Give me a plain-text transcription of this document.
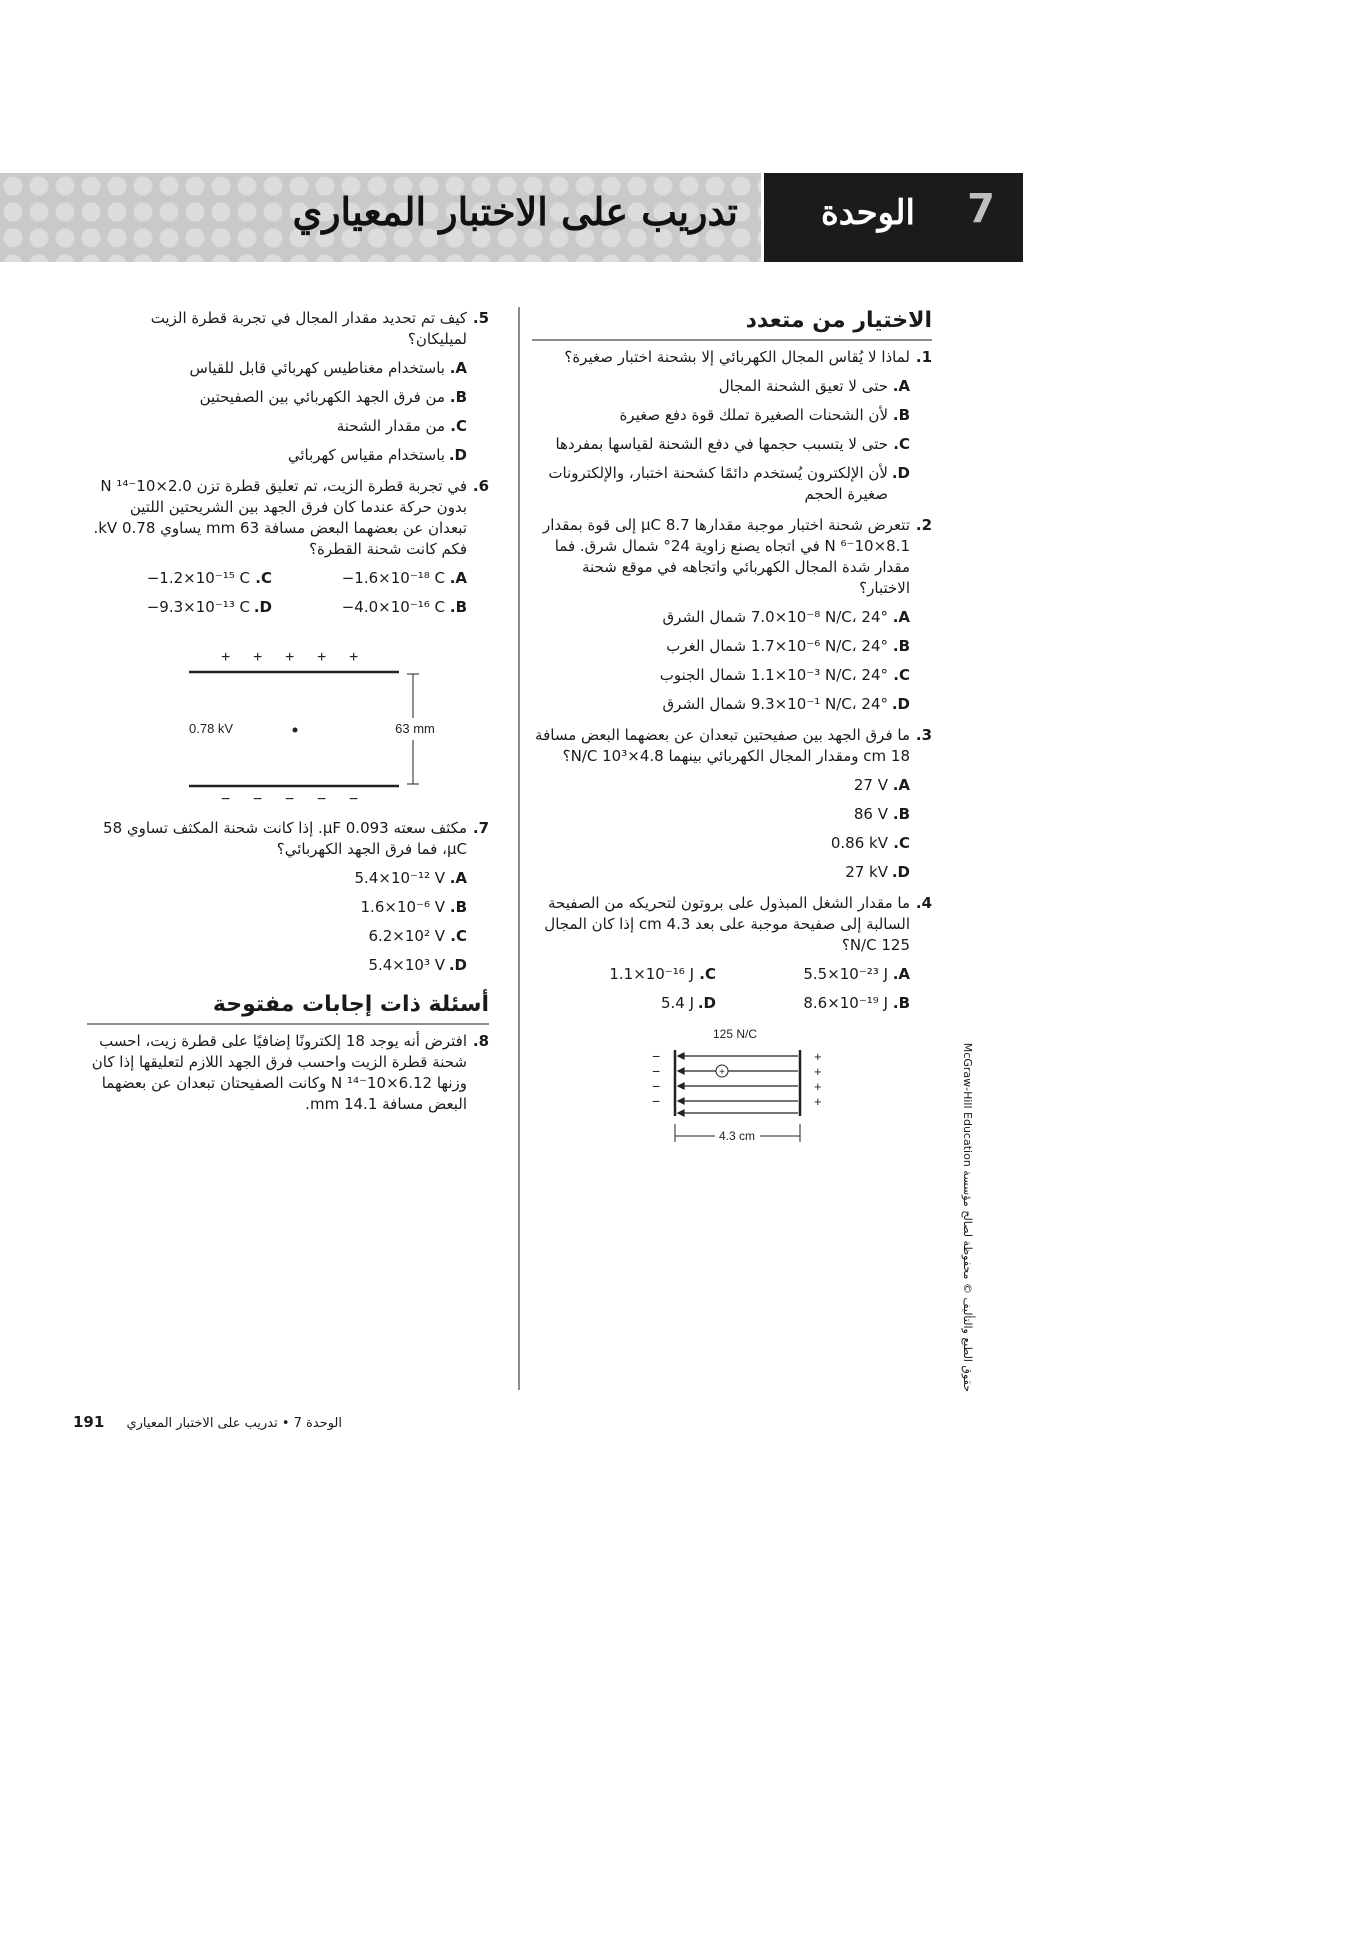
الوحدة 7
تدريب على الاختبار المعياري
الاختيار من متعدد
1.
لماذا لا يُقاس المجال الكهربائي إلا بشحنة اختبار صغيرة؟
A.
حتى لا تعيق الشحنة المجال
B.
لأن الشحنات الصغيرة تملك قوة دفع صغيرة
C.
حتى لا يتسبب حجمها في دفع الشحنة لقياسها بمفردها
D.
لأن الإلكترون يُستخدم دائمًا كشحنة اختبار، والإلكترونات صغيرة الحجم
2.
تتعرض شحنة اختبار موجبة مقدارها 8.7 μC إلى قوة بمقدار 8.1×10⁻⁶ N في اتجاه يصنع زاوية 24° شمال شرق. فما مقدار شدة المجال الكهربائي واتجاهه في موقع شحنة الاختبار؟
A.
7.0×10⁻⁸ N/C، 24° شمال الشرق
B.
1.7×10⁻⁶ N/C، 24° شمال الغرب
C.
1.1×10⁻³ N/C، 24° شمال الجنوب
D.
9.3×10⁻¹ N/C، 24° شمال الشرق
3.
ما فرق الجهد بين صفيحتين تبعدان عن بعضهما البعض مسافة 18 cm ومقدار المجال الكهربائي بينهما 4.8×10³ N/C؟
A.
27 V
B.
86 V
C.
0.86 kV
D.
27 kV
4.
ما مقدار الشغل المبذول على بروتون لتحريكه من الصفيحة السالبة إلى صفيحة موجبة على بعد 4.3 cm إذا كان المجال 125 N/C؟
A.
5.5×10⁻²³ J
C.
1.1×10⁻¹⁶ J
B.
8.6×10⁻¹⁹ J
D.
5.4 J
125 N/C
+
−
−
−
−
+
+
+
+
4.3 cm
5.
كيف تم تحديد مقدار المجال في تجربة قطرة الزيت لميليكان؟
A.
باستخدام مغناطيس كهربائي قابل للقياس
B.
من فرق الجهد الكهربائي بين الصفيحتين
C.
من مقدار الشحنة
D.
باستخدام مقياس كهربائي
6.
في تجربة قطرة الزيت، تم تعليق قطرة تزن 2.0×10⁻¹⁴ N بدون حركة عندما كان فرق الجهد بين الشريحتين اللتين تبعدان عن بعضهما البعض مسافة 63 mm يساوي 0.78 kV. فكم كانت شحنة القطرة؟
A.
−1.6×10⁻¹⁸ C
C.
−1.2×10⁻¹⁵ C
B.
−4.0×10⁻¹⁶ C
D.
−9.3×10⁻¹³ C
+ + + + +
0.78 kV	63 mm
− − − − −
7.
مكثف سعته 0.093 μF. إذا كانت شحنة المكثف تساوي 58 μC، فما فرق الجهد الكهربائي؟
A.
5.4×10⁻¹² V
B.
1.6×10⁻⁶ V
C.
6.2×10² V
D.
5.4×10³ V
أسئلة ذات إجابات مفتوحة
8.
افترض أنه يوجد 18 إلكترونًا إضافيًا على قطرة زيت، احسب شحنة قطرة الزيت واحسب فرق الجهد اللازم لتعليقها إذا كان وزنها 6.12×10⁻¹⁴ N وكانت الصفيحتان تبعدان عن بعضهما البعض مسافة 14.1 mm.
الوحدة 7 • تدريب على الاختبار المعياري 191
حقوق الطبع والتأليف © محفوظة لصالح مؤسسة McGraw-Hill Education
